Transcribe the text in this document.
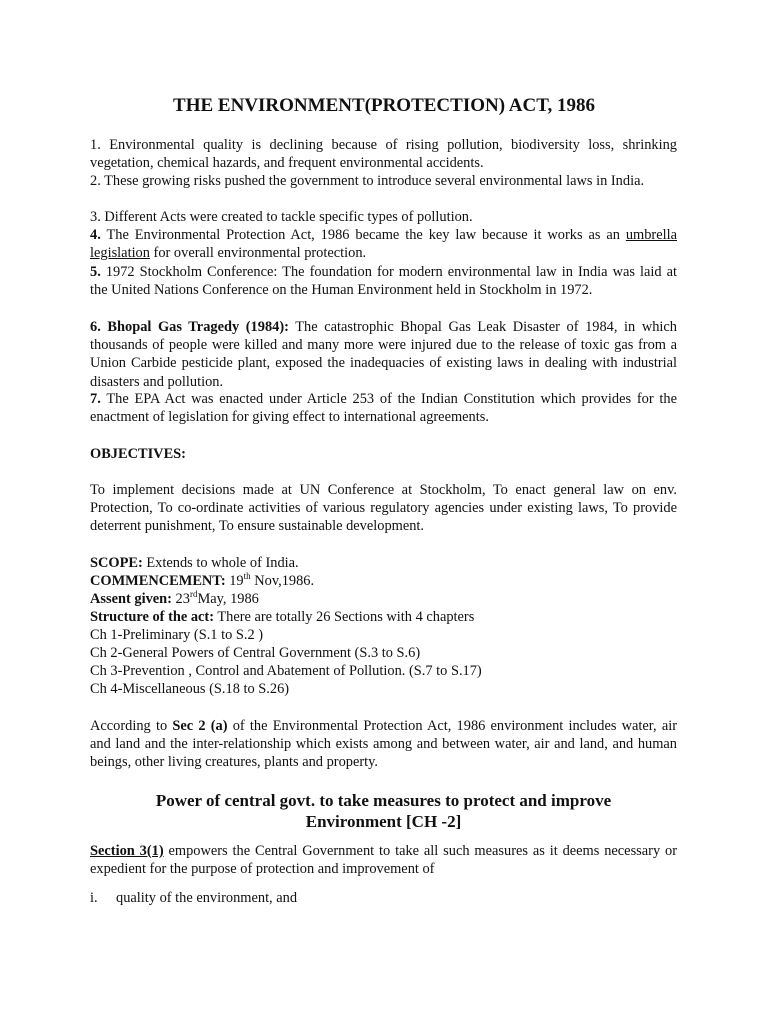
THE ENVIRONMENT(PROTECTION) ACT, 1986

1. Environmental quality is declining because of rising pollution, biodiversity loss, shrinking vegetation, chemical hazards, and frequent environmental accidents.

2. These growing risks pushed the government to introduce several environmental laws in India.

3. Different Acts were created to tackle specific types of pollution.

4. The Environmental Protection Act, 1986 became the key law because it works as an umbrella legislation for overall environmental protection.

5. 1972 Stockholm Conference: The foundation for modern environmental law in India was laid at the United Nations Conference on the Human Environment held in Stockholm in 1972.

6. Bhopal Gas Tragedy (1984): The catastrophic Bhopal Gas Leak Disaster of 1984, in which thousands of people were killed and many more were injured due to the release of toxic gas from a Union Carbide pesticide plant, exposed the inadequacies of existing laws in dealing with industrial disasters and pollution.

7. The EPA Act was enacted under Article 253 of the Indian Constitution which provides for the enactment of legislation for giving effect to international agreements.

OBJECTIVES:

To implement decisions made at UN Conference at Stockholm, To enact general law on env. Protection, To co-ordinate activities of various regulatory agencies under existing laws, To provide deterrent punishment, To ensure sustainable development.

SCOPE: Extends to whole of India.

COMMENCEMENT: 19th Nov,1986.

Assent given: 23rdMay, 1986

Structure of the act: There are totally 26 Sections with 4 chapters

Ch 1-Preliminary (S.1 to S.2 )

Ch 2-General Powers of Central Government (S.3 to S.6)

Ch 3-Prevention , Control and Abatement of Pollution. (S.7 to S.17)

Ch 4-Miscellaneous (S.18 to S.26)

According to Sec 2 (a) of the Environmental Protection Act, 1986 environment includes water, air and land and the inter-relationship which exists among and between water, air and land, and human beings, other living creatures, plants and property.

Power of central govt. to take measures to protect and improve
Environment [CH -2]

Section 3(1) empowers the Central Government to take all such measures as it deems necessary or expedient for the purpose of protection and improvement of

i. quality of the environment, and
